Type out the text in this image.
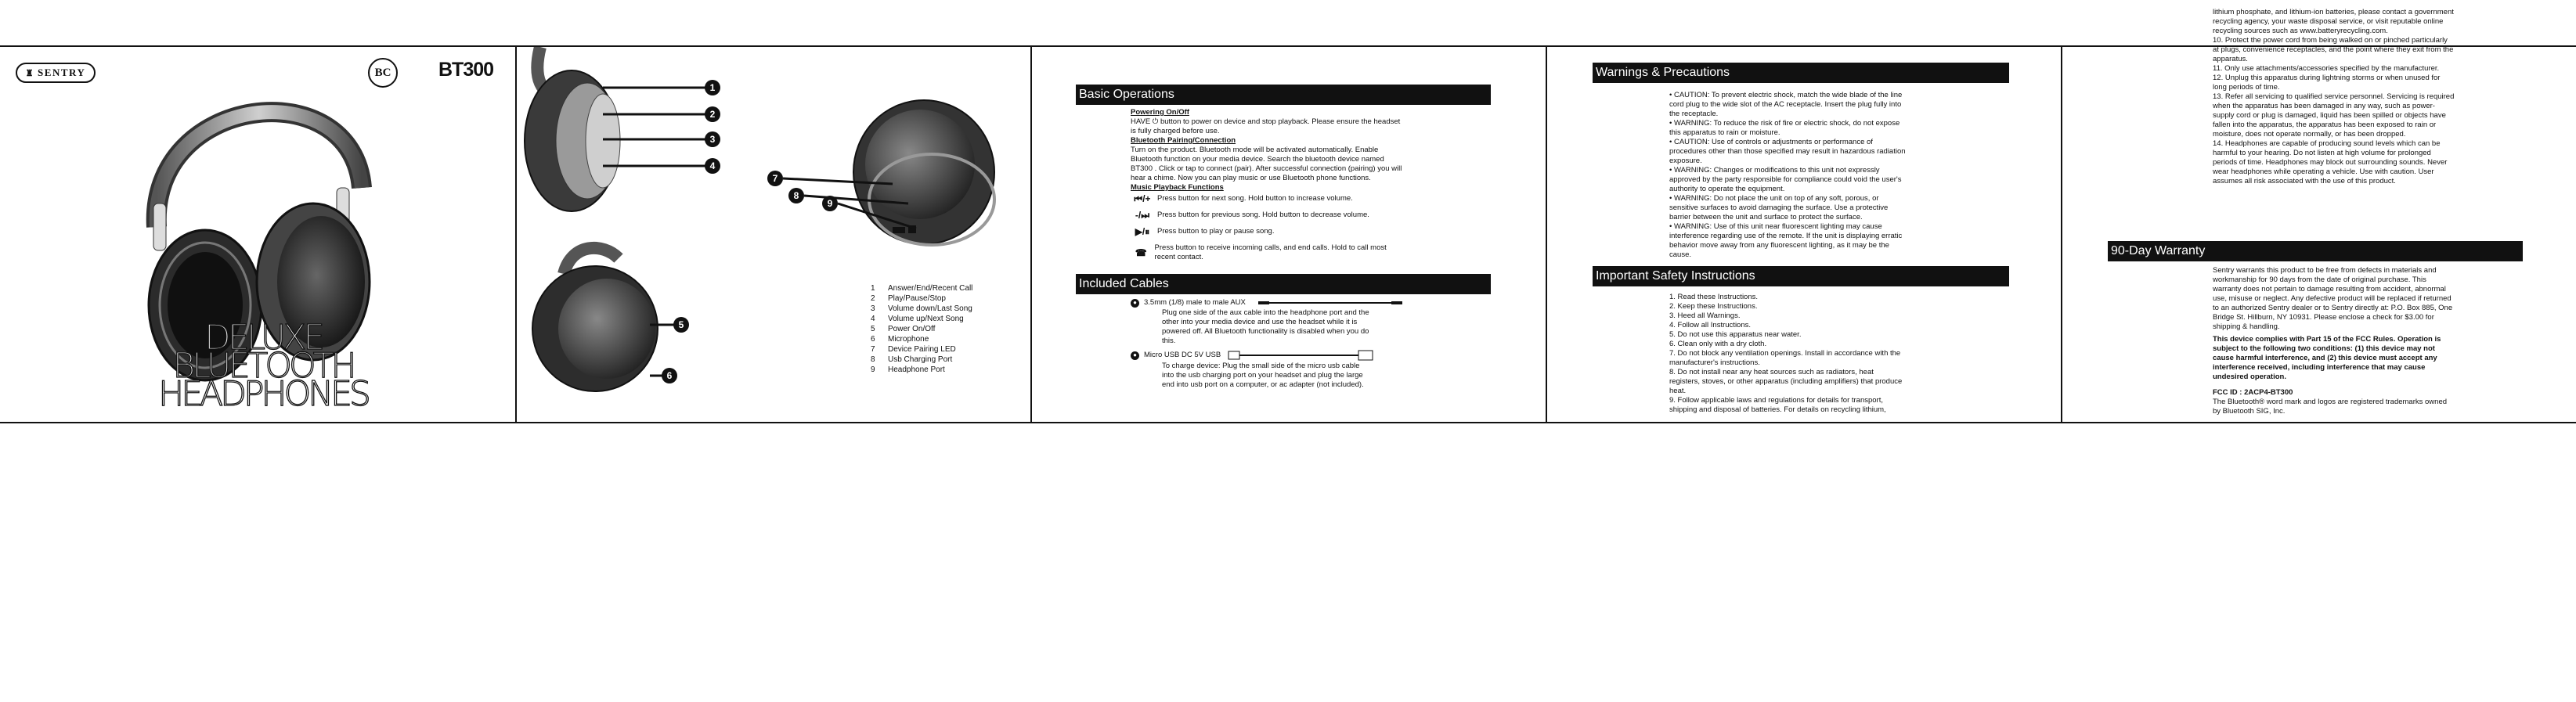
♜ SENTRY	BC	BT300
DELUXE
BLUETOOTH
HEADPHONES
1
2
3
4
5
6
7
8
9
1	Answer/End/Recent Call
2	Play/Pause/Stop
3	Volume down/Last Song
4	Volume up/Next Song
5	Power On/Off
6	Microphone
7	Device Pairing LED
8	Usb Charging Port
9	Headphone Port
Basic Operations
Powering On/Off
HAVE ⏻ button to power on device and stop playback. Please ensure the headset is fully charged before use.
Bluetooth Pairing/Connection
Turn on the product. Bluetooth mode will be activated automatically. Enable Bluetooth function on your media device. Search the bluetooth device named BT300 . Click or tap to connect (pair). After successful connection (pairing) you will hear a chime. Now you can play music or use Bluetooth phone functions.
Music Playback Functions
⏮/+ Press button for next song. Hold button to increase volume.
-/⏭	Press button for previous song. Hold button to decrease volume.
▶/⏸	Press button to play or pause song.
☎	Press button to receive incoming calls, and end calls. Hold to call most recent contact.
Included Cables
● 3.5mm (1/8) male to male AUX
Plug one side of the aux cable into the headphone port and the other into your media device and use the headset while it is powered off. All Bluetooth functionality is disabled when you do this.
● Micro USB DC 5V USB
To charge device: Plug the small side of the micro usb cable into the usb charging port on your headset and plug the large end into usb port on a computer, or ac adapter (not included).
Warnings & Precautions
• CAUTION: To prevent electric shock, match the wide blade of the line cord plug to the wide slot of the AC receptacle. Insert the plug fully into the receptacle.
• WARNING: To reduce the risk of fire or electric shock, do not expose this apparatus to rain or moisture.
• CAUTION: Use of controls or adjustments or performance of procedures other than those specified may result in hazardous radiation exposure.
• WARNING: Changes or modifications to this unit not expressly approved by the party responsible for compliance could void the user's authority to operate the equipment.
• WARNING: Do not place the unit on top of any soft, porous, or sensitive surfaces to avoid damaging the surface. Use a protective barrier between the unit and surface to protect the surface.
• WARNING: Use of this unit near fluorescent lighting may cause interference regarding use of the remote. If the unit is displaying erratic behavior move away from any fluorescent lighting, as it may be the cause.
Important Safety Instructions
1. Read these Instructions.
2. Keep these Instructions.
3. Heed all Warnings.
4. Follow all Instructions.
5. Do not use this apparatus near water.
6. Clean only with a dry cloth.
7. Do not block any ventilation openings. Install in accordance with the manufacturer's instructions.
8. Do not install near any heat sources such as radiators, heat registers, stoves, or other apparatus (including amplifiers) that produce heat.
9. Follow applicable laws and regulations for details for transport, shipping and disposal of batteries. For details on recycling lithium,
lithium phosphate, and lithium-ion batteries, please contact a government recycling agency, your waste disposal service, or visit reputable online recycling sources such as www.batteryrecycling.com.
10. Protect the power cord from being walked on or pinched particularly at plugs, convenience receptacles, and the point where they exit from the apparatus.
11. Only use attachments/accessories specified by the manufacturer.
12. Unplug this apparatus during lightning storms or when unused for long periods of time.
13. Refer all servicing to qualified service personnel. Servicing is required when the apparatus has been damaged in any way, such as power-supply cord or plug is damaged, liquid has been spilled or objects have fallen into the apparatus, the apparatus has been exposed to rain or moisture, does not operate normally, or has been dropped.
14. Headphones are capable of producing sound levels which can be harmful to your hearing. Do not listen at high volume for prolonged periods of time. Headphones may block out surrounding sounds. Never wear headphones while operating a vehicle. Use with caution. User assumes all risk associated with the use of this product.
90-Day Warranty
Sentry warrants this product to be free from defects in materials and workmanship for 90 days from the date of original purchase. This warranty does not pertain to damage resulting from accident, abnormal use, misuse or neglect. Any defective product will be replaced if returned to an authorized Sentry dealer or to Sentry directly at: P.O. Box 885, One Bridge St. Hillburn, NY 10931. Please enclose a check for $3.00 for shipping & handling.
This device complies with Part 15 of the FCC Rules. Operation is subject to the following two conditions: (1) this device may not cause harmful interference, and (2) this device must accept any interference received, including interference that may cause undesired operation.
FCC ID : 2ACP4-BT300
The Bluetooth® word mark and logos are registered trademarks owned by Bluetooth SIG, Inc.
